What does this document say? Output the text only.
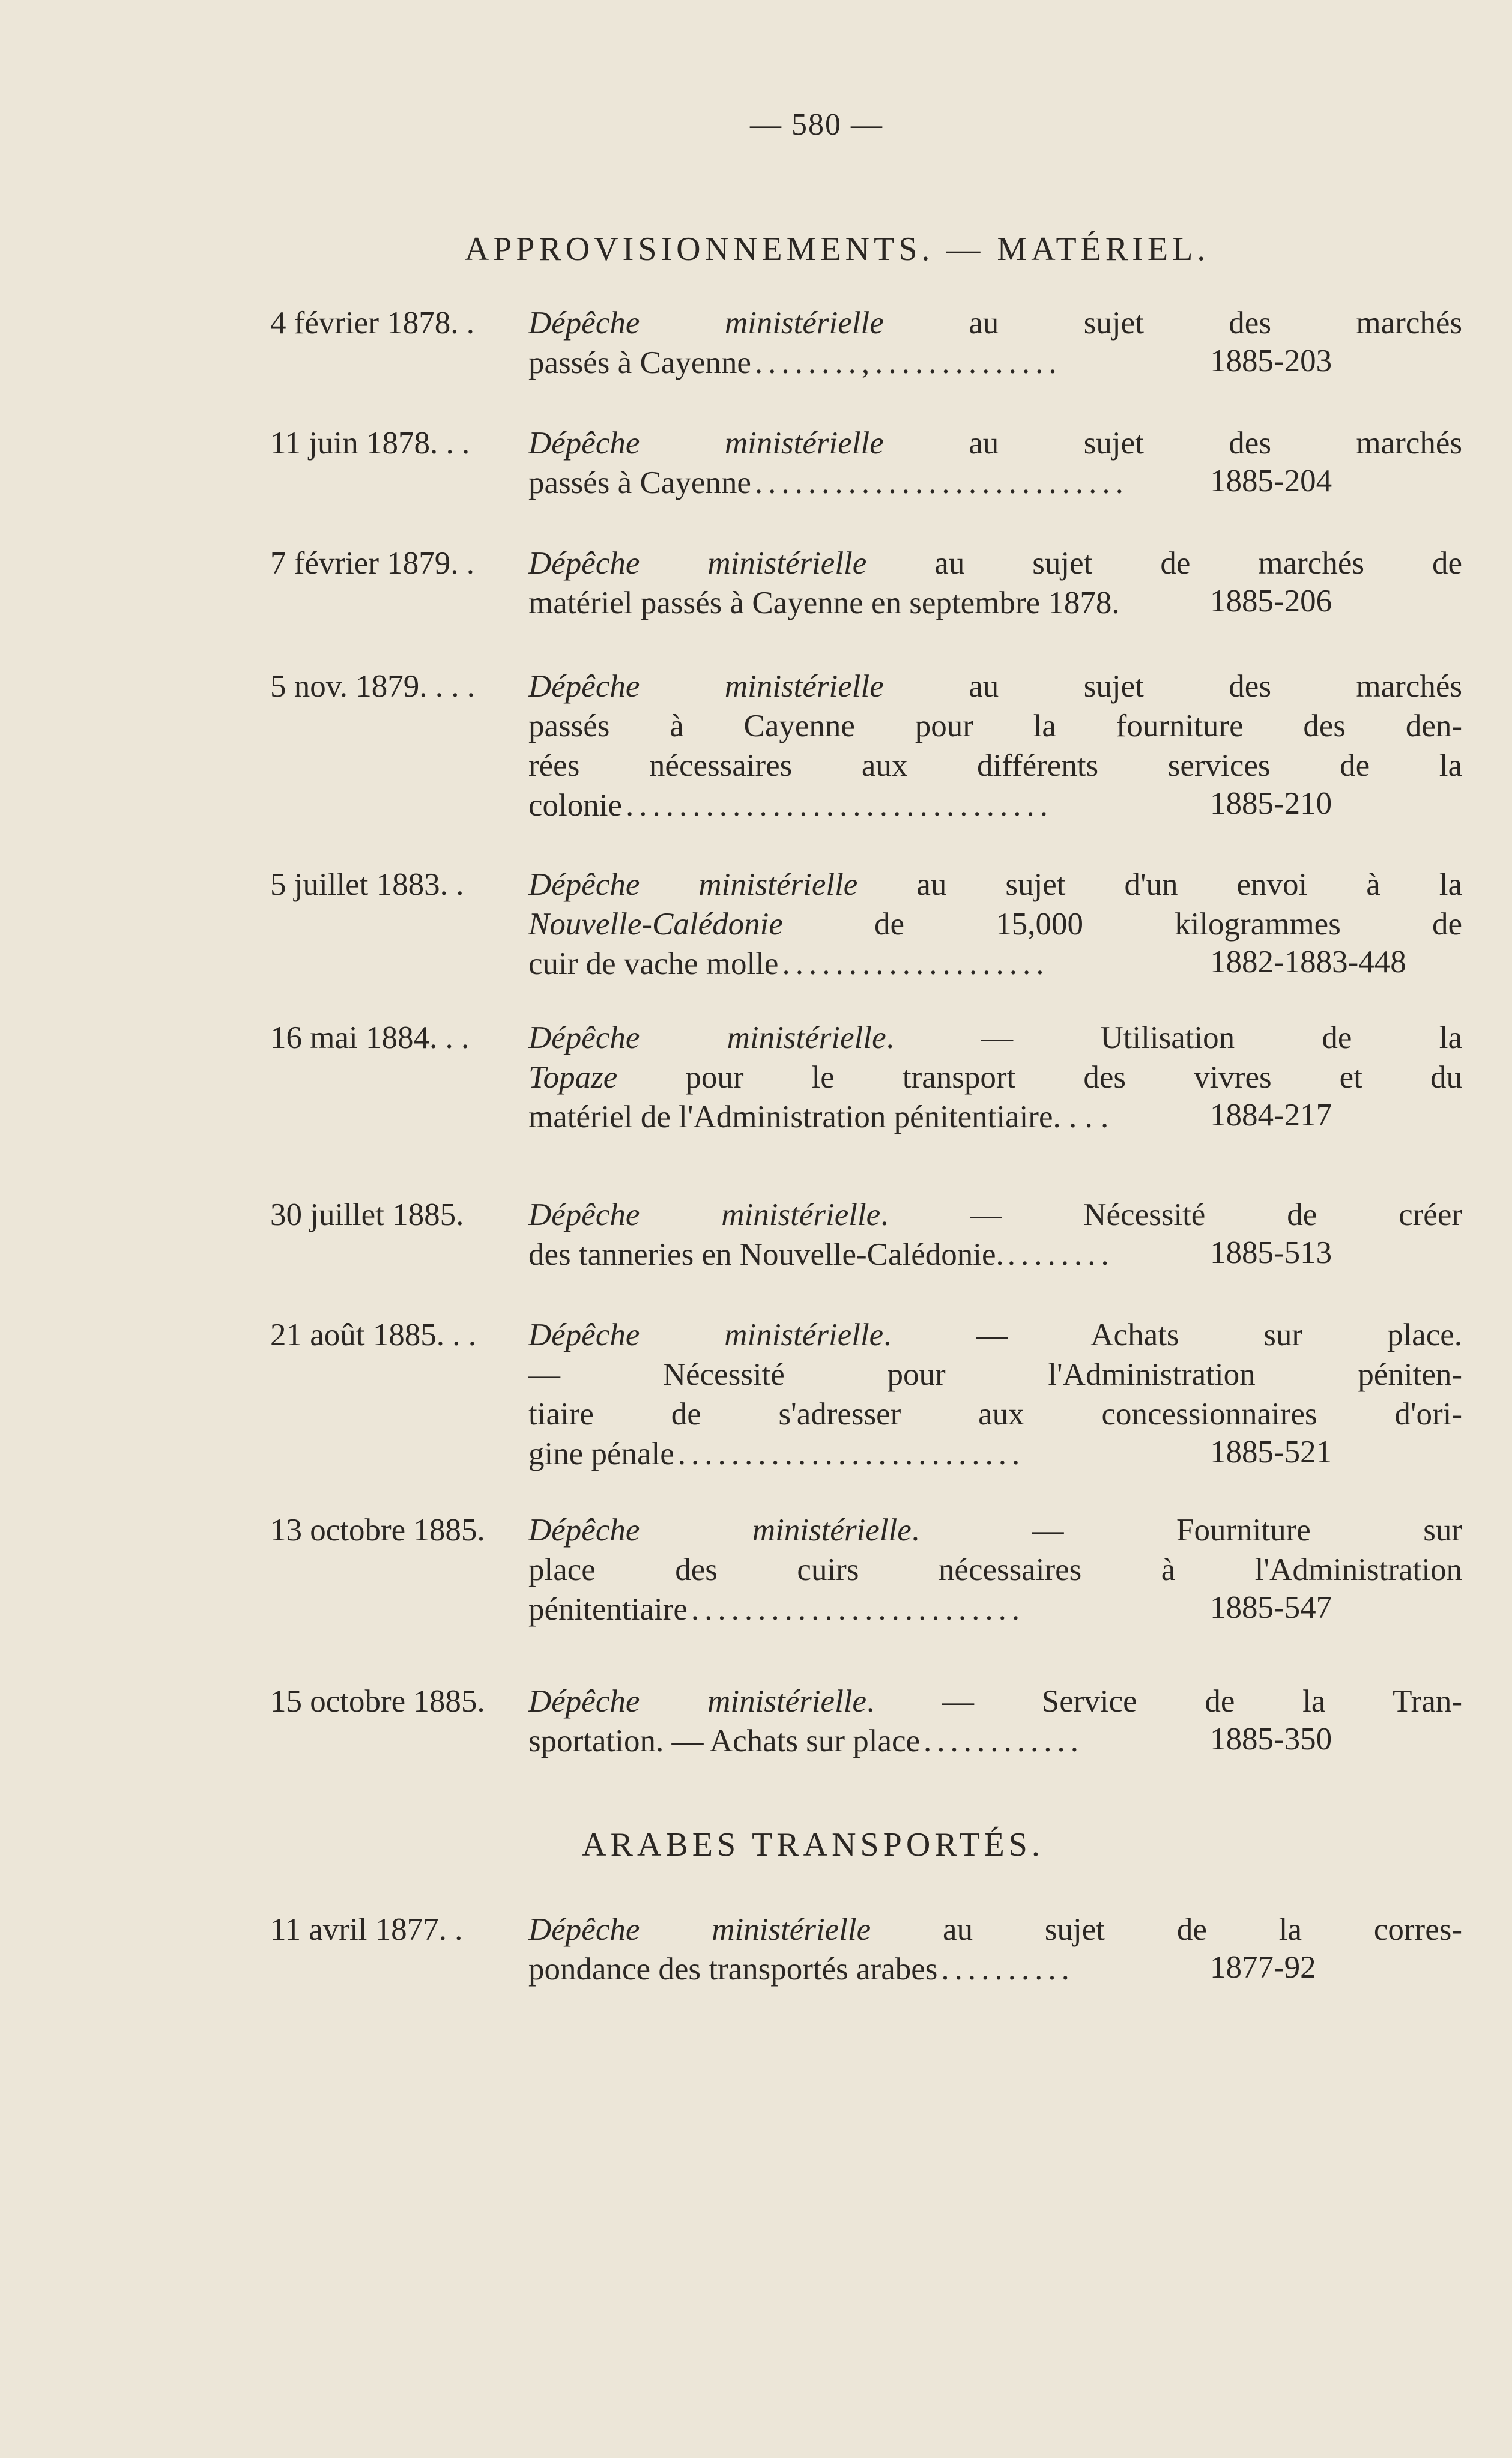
— 580 —
APPROVISIONNEMENTS. — MATÉRIEL.
ARABES TRANSPORTÉS.
4 février 1878. .	Dépêche ministérielle au sujet des marchés
passés à Cayenne ........,..............	1885-203
11 juin 1878. . .	Dépêche ministérielle au sujet des marchés
passés à Cayenne ............................	1885-204
7 février 1879. .	Dépêche ministérielle au sujet de marchés de
matériel passés à Cayenne en septembre 1878.	1885-206
5 nov. 1879. . . .	Dépêche ministérielle au sujet des marchés
passés à Cayenne pour la fourniture des den-
rées nécessaires aux différents services de la
colonie ................................	1885-210
5 juillet 1883. .	Dépêche ministérielle au sujet d'un envoi à la
Nouvelle-Calédonie de 15,000 kilogrammes de
cuir de vache molle ....................	1882-1883-448
16 mai 1884. . .	Dépêche ministérielle. — Utilisation de la
Topaze pour le transport des vivres et du
matériel de l'Administration pénitentiaire. . . .	1884-217
30 juillet 1885.	Dépêche ministérielle. — Nécessité de créer
des tanneries en Nouvelle-Calédonie. ........	1885-513
21 août 1885. . .	Dépêche ministérielle. — Achats sur place.
— Nécessité pour l'Administration péniten-
tiaire de s'adresser aux concessionnaires d'ori-
gine pénale ..........................	1885-521
13 octobre 1885.	Dépêche ministérielle. — Fourniture sur
place des cuirs nécessaires à l'Administration
pénitentiaire .........................	1885-547
15 octobre 1885.	Dépêche ministérielle. — Service de la Tran-
sportation. — Achats sur place ............	1885-350
11 avril 1877. .	Dépêche ministérielle au sujet de la corres-
pondance des transportés arabes ..........	1877-92
